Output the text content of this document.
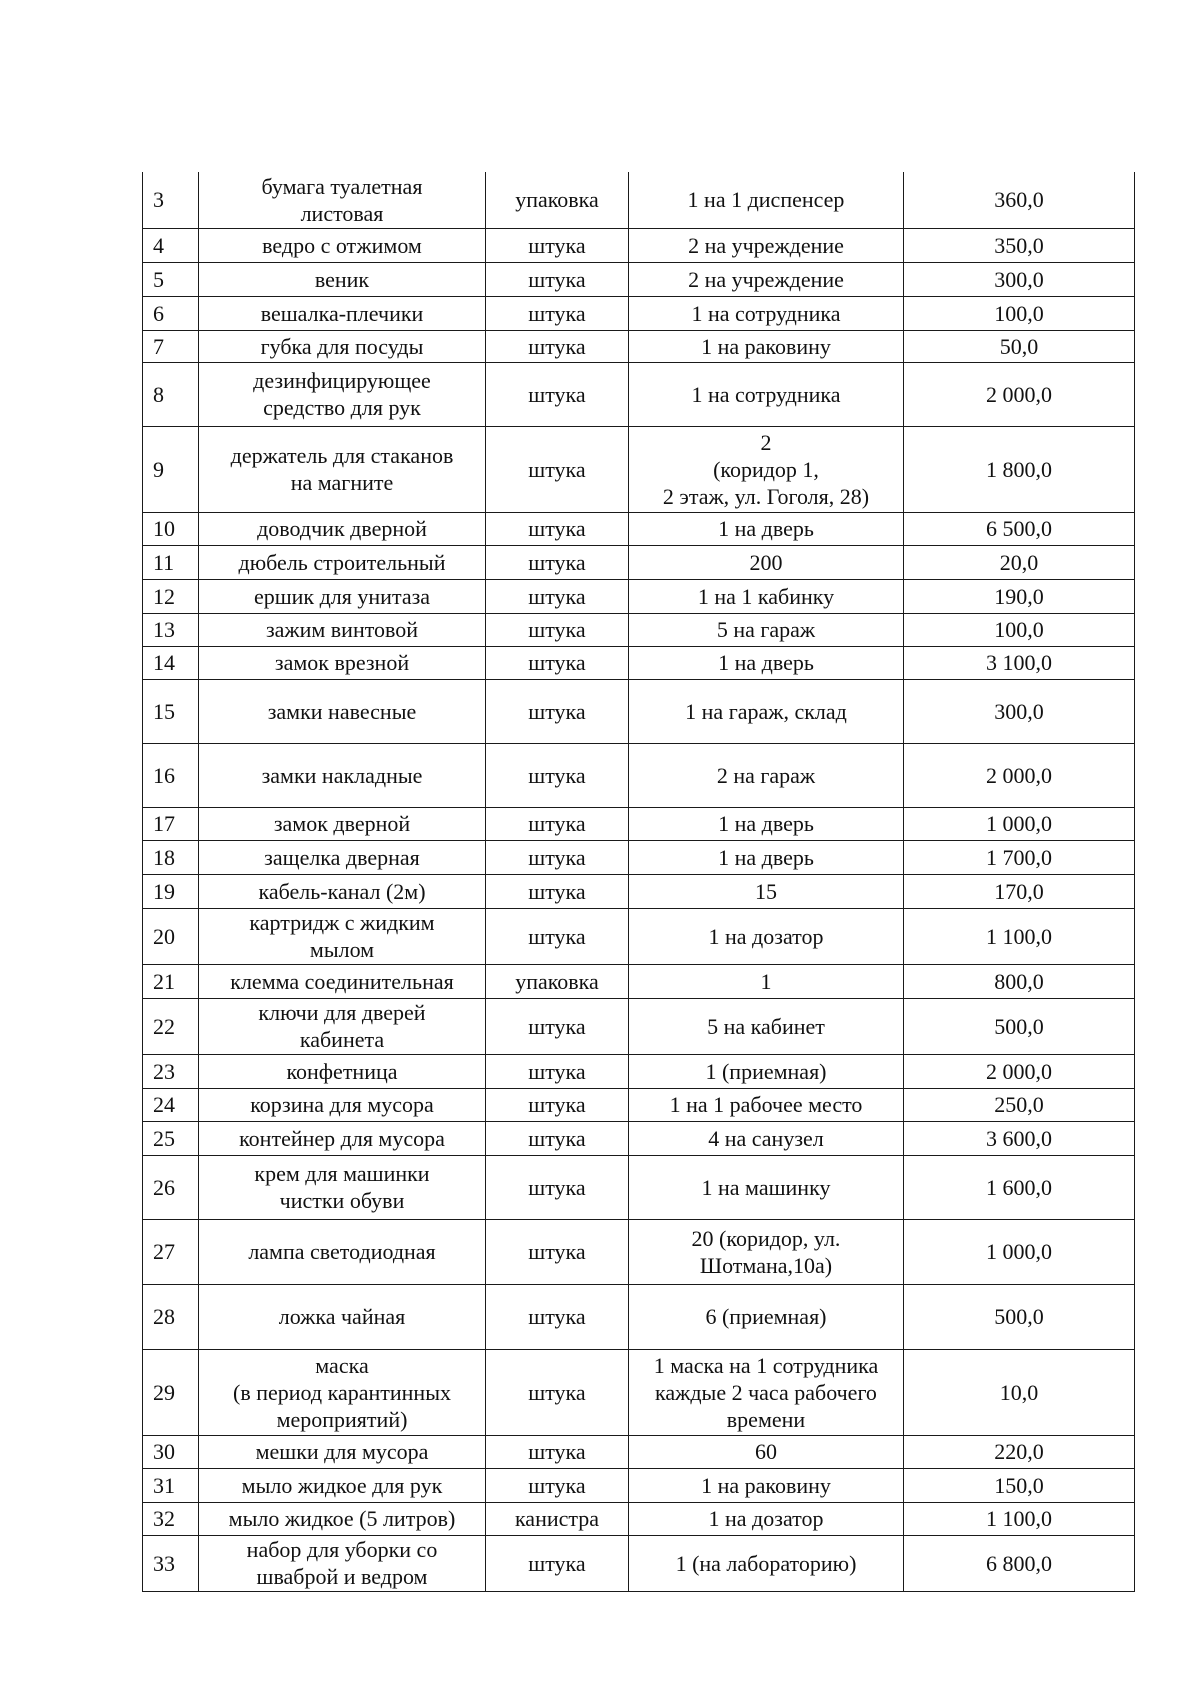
3	бумага туалетная
листовая	упаковка	1 на 1 диспенсер	360,0
4	ведро с отжимом	штука	2 на учреждение	350,0
5	веник	штука	2 на учреждение	300,0
6	вешалка-плечики	штука	1 на сотрудника	100,0
7	губка для посуды	штука	1 на раковину	50,0
8	дезинфицирующее
средство для рук	штука	1 на сотрудника	2 000,0
9	держатель для стаканов
на магните	штука	2
(коридор 1,
2 этаж, ул. Гоголя, 28)	1 800,0
10	доводчик дверной	штука	1 на дверь	6 500,0
11	дюбель строительный	штука	200	20,0
12	ершик для унитаза	штука	1 на 1 кабинку	190,0
13	зажим винтовой	штука	5 на гараж	100,0
14	замок врезной	штука	1 на дверь	3 100,0
15	замки навесные	штука	1 на гараж, склад	300,0
16	замки накладные	штука	2 на гараж	2 000,0
17	замок дверной	штука	1 на дверь	1 000,0
18	защелка дверная	штука	1 на дверь	1 700,0
19	кабель-канал (2м)	штука	15	170,0
20	картридж с жидким
мылом	штука	1 на дозатор	1 100,0
21	клемма соединительная	упаковка	1	800,0
22	ключи для дверей
кабинета	штука	5 на кабинет	500,0
23	конфетница	штука	1 (приемная)	2 000,0
24	корзина для мусора	штука	1 на 1 рабочее место	250,0
25	контейнер для мусора	штука	4 на санузел	3 600,0
26	крем для машинки
чистки обуви	штука	1 на машинку	1 600,0
27	лампа светодиодная	штука	20 (коридор, ул.
Шотмана,10а)	1 000,0
28	ложка чайная	штука	6 (приемная)	500,0
29	маска
(в период карантинных
мероприятий)	штука	1 маска на 1 сотрудника
каждые 2 часа рабочего
времени	10,0
30	мешки для мусора	штука	60	220,0
31	мыло жидкое для рук	штука	1 на раковину	150,0
32	мыло жидкое (5 литров)	канистра	1 на дозатор	1 100,0
33	набор для уборки со
шваброй и ведром	штука	1 (на лабораторию)	6 800,0
